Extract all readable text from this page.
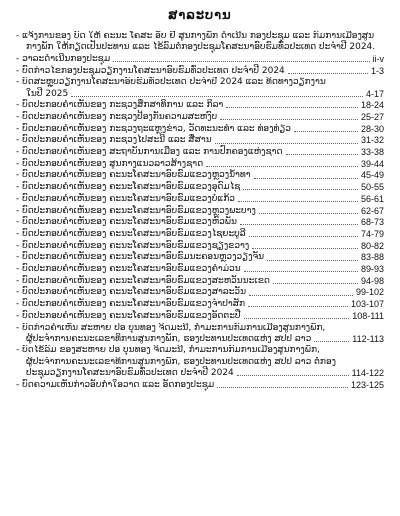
ສາລະບານ
- ແຈ້ງການຂອງ ບົດ ໃຫ້ ຄະນະ ໂຄສະ ອັບ ຢ໌ ສູນກາງພັກ ດຳເນີນ ກອງປະຊຸມ ແລະ ກົມການເມືອງສູນ
ກາງພັກ ໃຫ້ກຽດເປັນປະທານ ແລະ ໄຂ້ລົມຕໍ່ກອງປະຊຸມໂຄສະນາອົບຮົມທົ່ວປະເທດ ປະຈຳປີ 2024.
- ວາລະດຳເນີນກອງປະຊຸມ	ii-v
- ບົດກ່າວໄຂກອງປະຊຸມວຽກງານໂຄສະນາອົບຮົມທົ່ວປະເທດ ປະຈຳປີ 2024	1-3
- ບົດສະຫຼຸບວຽກງານໂຄສະນາອົບຮົມທົ່ວປະເທດ ປະຈຳປີ 2024 ແລະ ທິດທາງວຽກງານ
ໃນປີ 2025	4-17
- ບົດປະກອບຄຳເຫັນຂອງ ກະຊວງສຶກສາທິການ ແລະ ກິລາ	18-24
- ບົດປະກອບຄຳເຫັນຂອງ ກະຊວງປ້ອງກັນຄວາມສະຫງົບ	25-27
- ບົດປະກອບຄຳເຫັນຂອງ ກະຊວງຖະແຫຼງຂ່າວ, ວັດທະນະທຳ ແລະ ທ່ອງທ່ຽວ	28-30
- ບົດປະກອບຄຳເຫັນຂອງ ກະຊວງໄປສະນີ ແລະ ສື່ສານ	31-32
- ບົດປະກອບຄຳເຫັນຂອງ ສະຖາບັນການເມືອງ ແລະ ການປົກຄອງແຫ່ງຊາດ	33-38
- ບົດປະກອບຄຳເຫັນຂອງ ສູນກາງແນວລາວສ້າງຊາດ	39-44
- ບົດປະກອບຄຳເຫັນຂອງ ຄະນະໂຄສະນາອົບຮົມແຂວງຫຼວງນ້ຳທາ	45-49
- ບົດປະກອບຄຳເຫັນຂອງ ຄະນະໂຄສະນາອົບຮົມແຂວງອຸດົມໄຊ	50-55
- ບົດປະກອບຄຳເຫັນຂອງ ຄະນະໂຄສະນາອົບຮົມແຂວງບໍ່ແກ້ວ	56-61
- ບົດປະກອບຄຳເຫັນຂອງ ຄະນະໂຄສະນາອົບຮົມແຂວງຫຼວງພະບາງ	62-67
- ບົດປະກອບຄຳເຫັນຂອງ ຄະນະໂຄສະນາອົບຮົມແຂວງຫົວພັນ	68-73
- ບົດປະກອບຄຳເຫັນຂອງ ຄະນະໂຄສະນາອົບຮົມແຂວງໄຊຍະບູລີ	74-79
- ບົດປະກອບຄຳເຫັນຂອງ ຄະນະໂຄສະນາອົບຮົມແຂວງຊຽງຂວາງ	80-82
- ບົດປະກອບຄຳເຫັນຂອງ ຄະນະໂຄສະນາອົບຮົມນະຄອນຫຼວງວຽງຈັນ	83-88
- ບົດປະກອບຄຳເຫັນຂອງ ຄະນະໂຄສະນາອົບຮົມແຂວງຄຳມ່ວນ	89-93
- ບົດປະກອບຄຳເຫັນຂອງ ຄະນະໂຄສະນາອົບຮົມແຂວງສະຫວັນນະເຂດ	94-98
- ບົດປະກອບຄຳເຫັນຂອງ ຄະນະໂຄສະນາອົບຮົມແຂວງສາລະວັນ	99-102
- ບົດປະກອບຄຳເຫັນຂອງ ຄະນະໂຄສະນາອົບຮົມແຂວງຈຳປາສັກ	103-107
- ບົດປະກອບຄຳເຫັນຂອງ ຄະນະໂຄສະນາອົບຮົມແຂວງອັດຕະປື	108-111
- ບົດກ່າວຄຳເຫັນ ສະຫາຍ ປອ ບຸນທອງ ຈິດມະນີ, ກຳມະການກົມການເມືອງສູນກາງພັກ,
ຜູ້ປະຈຳການຄະນະເລຂາທິການສູນກາງພັກ, ຮອງປະທານປະເທດແຫ່ງ ສປປ ລາວ	112-113
- ບົດໄຂ້ລົມ ຂອງສະຫາຍ ປອ ບຸນທອງ ຈິດມະນີ, ກຳມະການກົມການເມືອງສູນກາງພັກ,
ຜູ້ປະຈຳການຄະນະເລຂາທິການສູນກາງພັກ, ຮອງປະທານປະເທດແຫ່ງ ສປປ ລາວ ຕໍ່ກອງ
ປະຊຸມວຽກງານໂຄສະນາອົບຮົມທົ່ວປະເທດ ປະຈຳປີ 2024	114-122
- ບົດຄວາມເຫັນກ່າວອັບກຳໃອວາດ ແລະ ອັດກອງປະຊຸມ	123-125
